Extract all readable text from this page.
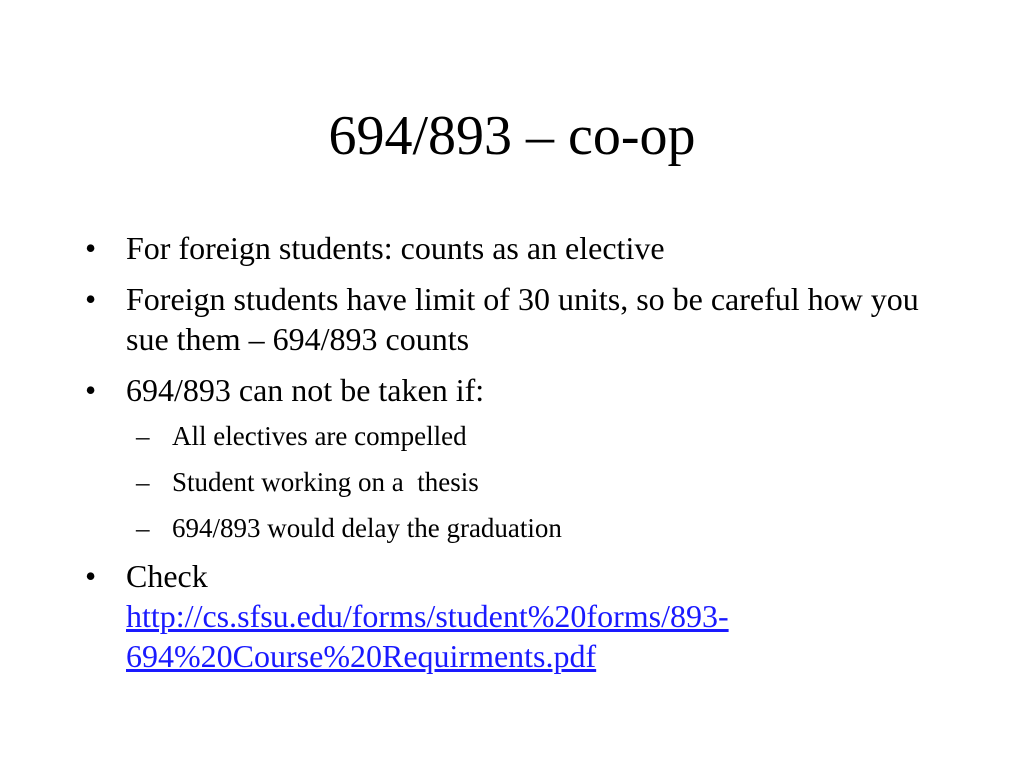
694/893 – co-op
• For foreign students: counts as an elective
• Foreign students have limit of 30 units, so be careful how you sue them – 694/893 counts
• 694/893 can not be taken if:
– All electives are compelled
– Student working on a  thesis
– 694/893 would delay the graduation
• Check
http://cs.sfsu.edu/forms/student%20forms/893-
694%20Course%20Requirments.pdf
